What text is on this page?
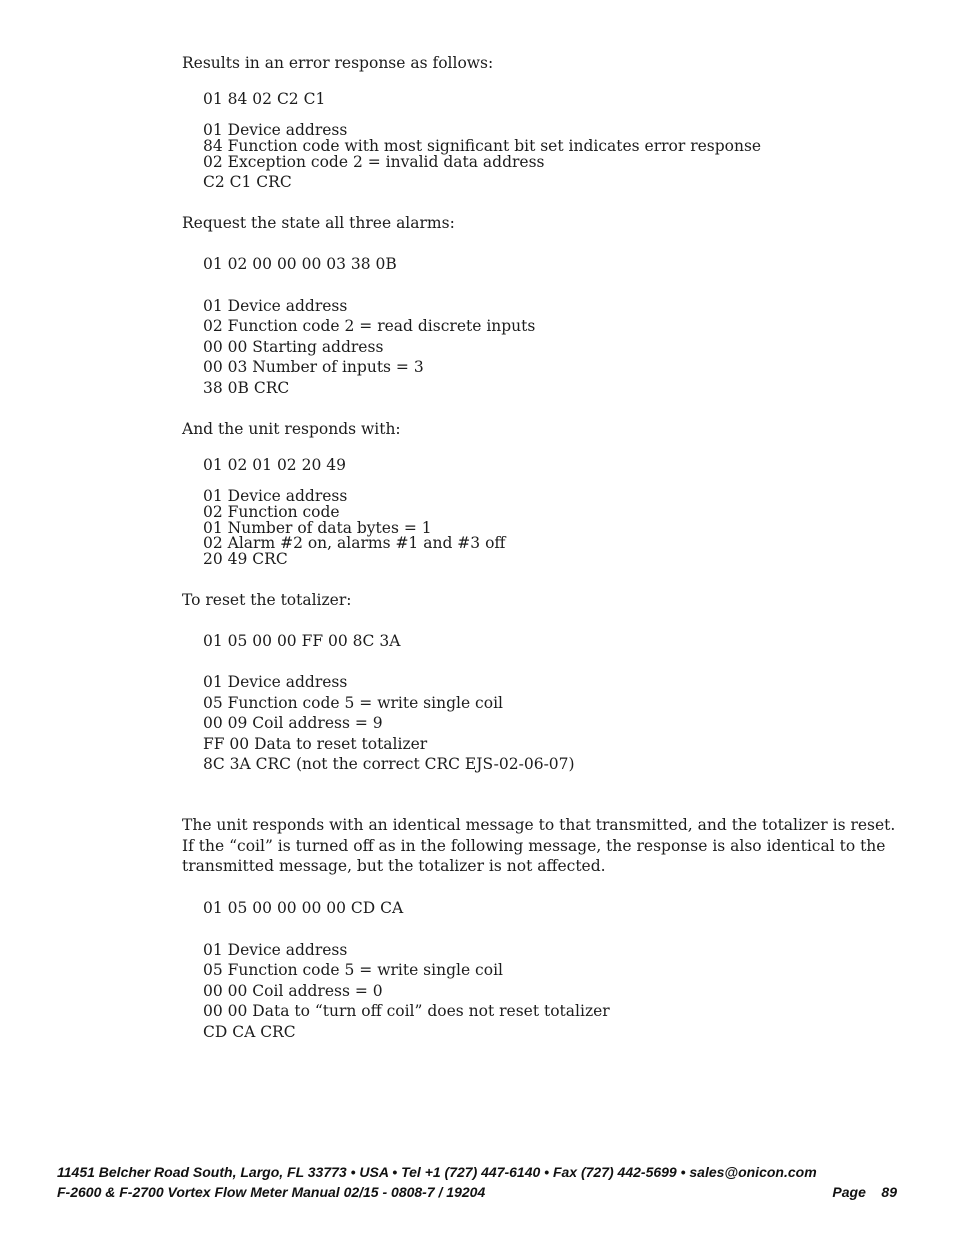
Results in an error response as follows:
01 84 02 C2 C1
01 Device address
84 Function code with most significant bit set indicates error response
02 Exception code 2 = invalid data address
C2 C1 CRC
Request the state all three alarms:
01 02 00 00 00 03 38 0B
01 Device address
02 Function code 2 = read discrete inputs
00 00 Starting address
00 03 Number of inputs = 3
38 0B CRC
And the unit responds with:
01 02 01 02 20 49
01 Device address
02 Function code
01 Number of data bytes = 1
02 Alarm #2 on, alarms #1 and #3 off
20 49 CRC
To reset the totalizer:
01 05 00 00 FF 00 8C 3A
01 Device address
05 Function code 5 = write single coil
00 09 Coil address = 9
FF 00 Data to reset totalizer
8C 3A CRC (not the correct CRC EJS-02-06-07)
The unit responds with an identical message to that transmitted, and the totalizer is reset.
If the “coil” is turned off as in the following message, the response is also identical to the
transmitted message, but the totalizer is not affected.
01 05 00 00 00 00 CD CA
01 Device address
05 Function code 5 = write single coil
00 00 Coil address = 0
00 00 Data to “turn off coil” does not reset totalizer
CD CA CRC
11451 Belcher Road South, Largo, FL 33773 • USA • Tel +1 (727) 447-6140 • Fax (727) 442-5699 • sales@onicon.com
F-2600 & F-2700 Vortex Flow Meter Manual 02/15 - 0808-7 / 19204	Page 89
